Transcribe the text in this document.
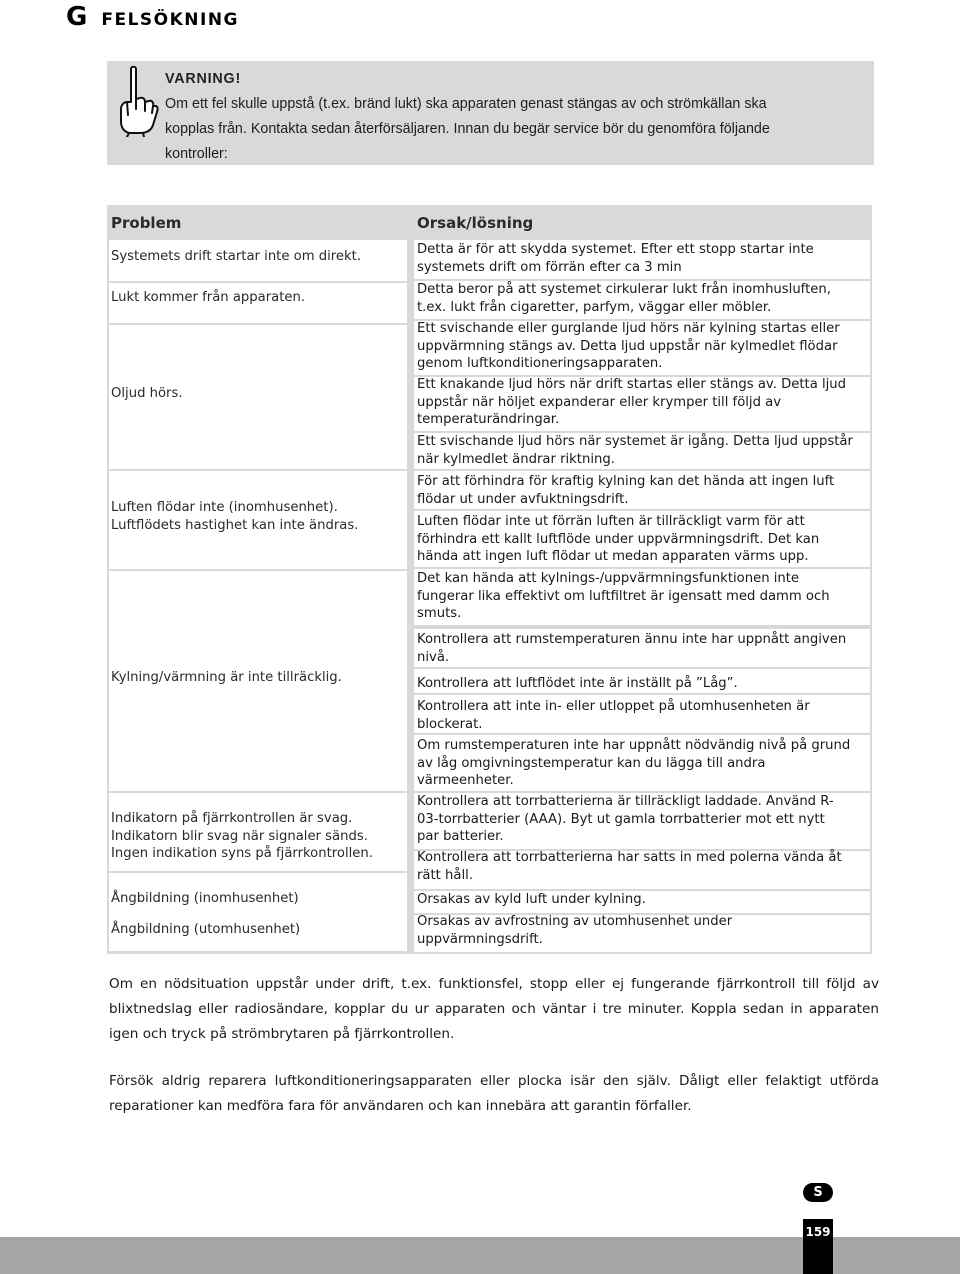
G FELSÖKNING
VARNING!
Om ett fel skulle uppstå (t.ex. bränd lukt) ska apparaten genast stängas av och strömkällan ska
kopplas från. Kontakta sedan återförsäljaren. Innan du begär service bör du genomföra följande
kontroller:
Problem	Orsak/lösning
Systemets drift startar inte om direkt.
Lukt kommer från apparaten.
Oljud hörs.
Luften flödar inte (inomhusenhet).
Luftflödets hastighet kan inte ändras.
Kylning/värmning är inte tillräcklig.
Indikatorn på fjärrkontrollen är svag.
Indikatorn blir svag när signaler sänds.
Ingen indikation syns på fjärrkontrollen.
Ångbildning (inomhusenhet)
Ångbildning (utomhusenhet)
Detta är för att skydda systemet. Efter ett stopp startar inte
systemets drift om förrän efter ca 3 min
Detta beror på att systemet cirkulerar lukt från inomhusluften,
t.ex. lukt från cigaretter, parfym, väggar eller möbler.
Ett svischande eller gurglande ljud hörs när kylning startas eller
uppvärmning stängs av. Detta ljud uppstår när kylmedlet flödar
genom luftkonditioneringsapparaten.
Ett knakande ljud hörs när drift startas eller stängs av. Detta ljud
uppstår när höljet expanderar eller krymper till följd av
temperaturändringar.
Ett svischande ljud hörs när systemet är igång. Detta ljud uppstår
när kylmedlet ändrar riktning.
För att förhindra för kraftig kylning kan det hända att ingen luft
flödar ut under avfuktningsdrift.
Luften flödar inte ut förrän luften är tillräckligt varm för att
förhindra ett kallt luftflöde under uppvärmningsdrift. Det kan
hända att ingen luft flödar ut medan apparaten värms upp.
Det kan hända att kylnings-/uppvärmningsfunktionen inte
fungerar lika effektivt om luftfiltret är igensatt med damm och
smuts.
Kontrollera att rumstemperaturen ännu inte har uppnått angiven
nivå.
Kontrollera att luftflödet inte är inställt på ”Låg”.
Kontrollera att inte in- eller utloppet på utomhusenheten är
blockerat.
Om rumstemperaturen inte har uppnått nödvändig nivå på grund
av låg omgivningstemperatur kan du lägga till andra
värmeenheter.
Kontrollera att torrbatterierna är tillräckligt laddade. Använd R-
03-torrbatterier (AAA). Byt ut gamla torrbatterier mot ett nytt
par batterier.
Kontrollera att torrbatterierna har satts in med polerna vända åt
rätt håll.
Orsakas av kyld luft under kylning.
Orsakas av avfrostning av utomhusenhet under
uppvärmningsdrift.

Om en nödsituation uppstår under drift, t.ex. funktionsfel, stopp eller ej fungerande fjärrkontroll till följd av blixtnedslag eller radiosändare, kopplar du ur apparaten och väntar i tre minuter. Koppla sedan in apparaten igen och tryck på strömbrytaren på fjärrkontrollen.

Försök aldrig reparera luftkonditioneringsapparaten eller plocka isär den själv. Dåligt eller felaktigt utförda reparationer kan medföra fara för användaren och kan innebära att garantin förfaller.

S
159
